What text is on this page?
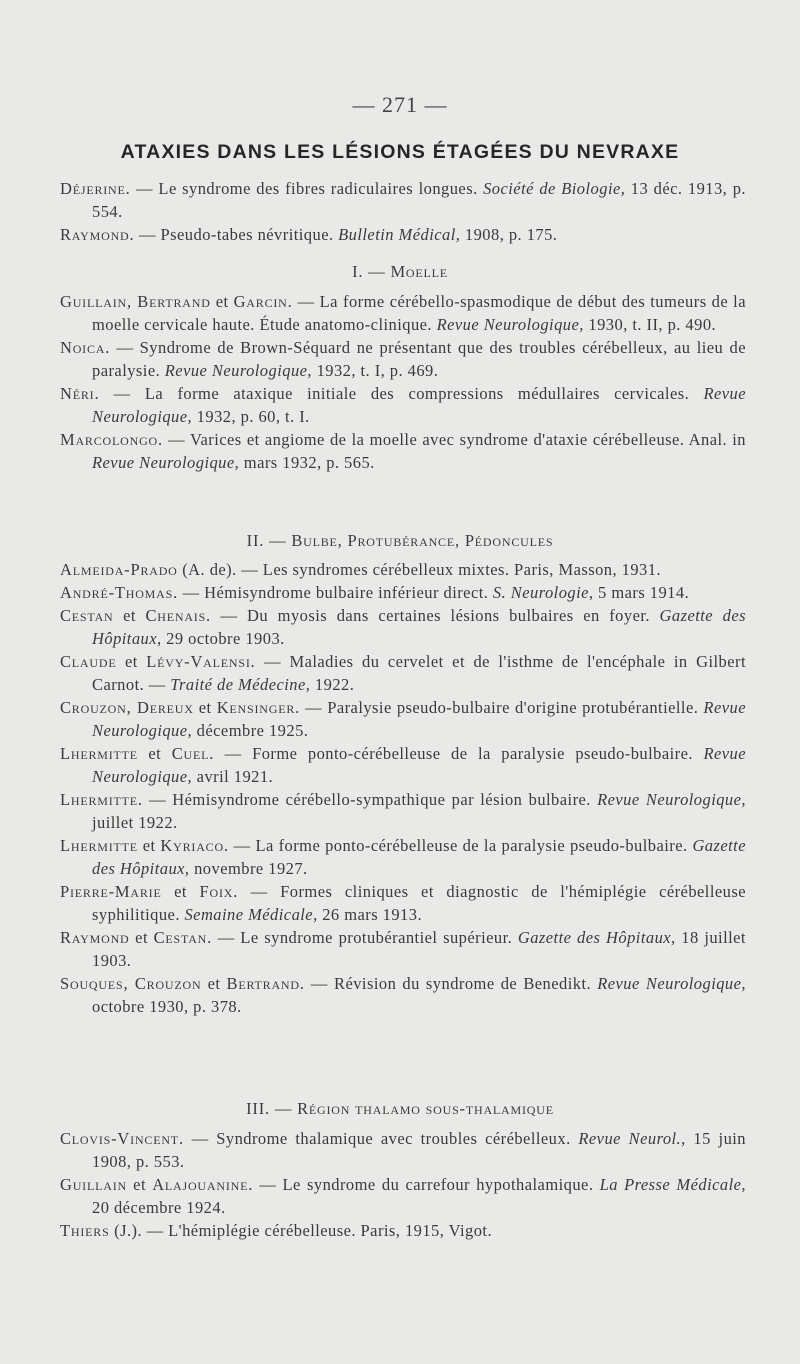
— 271 —
ATAXIES DANS LES LÉSIONS ÉTAGÉES DU NEVRAXE
Déjerine. — Le syndrome des fibres radiculaires longues. Société de Biologie, 13 déc. 1913, p. 554.
Raymond. — Pseudo-tabes névritique. Bulletin Médical, 1908, p. 175.
I. — Moelle
Guillain, Bertrand et Garcin. — La forme cérébello-spasmodique de début des tumeurs de la moelle cervicale haute. Étude anatomo-clinique. Revue Neurologique, 1930, t. II, p. 490.
Noica. — Syndrome de Brown-Séquard ne présentant que des troubles cérébelleux, au lieu de paralysie. Revue Neurologique, 1932, t. I, p. 469.
Néri. — La forme ataxique initiale des compressions médullaires cervicales. Revue Neurologique, 1932, p. 60, t. I.
Marcolongo. — Varices et angiome de la moelle avec syndrome d'ataxie cérébelleuse. Anal. in Revue Neurologique, mars 1932, p. 565.
II. — Bulbe, Protubérance, Pédoncules
Almeida-Prado (A. de). — Les syndromes cérébelleux mixtes. Paris, Masson, 1931.
André-Thomas. — Hémisyndrome bulbaire inférieur direct. S. Neurologie, 5 mars 1914.
Cestan et Chenais. — Du myosis dans certaines lésions bulbaires en foyer. Gazette des Hôpitaux, 29 octobre 1903.
Claude et Lévy-Valensi. — Maladies du cervelet et de l'isthme de l'encéphale in Gilbert Carnot. — Traité de Médecine, 1922.
Crouzon, Dereux et Kensinger. — Paralysie pseudo-bulbaire d'origine protubérantielle. Revue Neurologique, décembre 1925.
Lhermitte et Cuel. — Forme ponto-cérébelleuse de la paralysie pseudo-bulbaire. Revue Neurologique, avril 1921.
Lhermitte. — Hémisyndrome cérébello-sympathique par lésion bulbaire. Revue Neurologique, juillet 1922.
Lhermitte et Kyriaco. — La forme ponto-cérébelleuse de la paralysie pseudo-bulbaire. Gazette des Hôpitaux, novembre 1927.
Pierre-Marie et Foix. — Formes cliniques et diagnostic de l'hémiplégie cérébelleuse syphilitique. Semaine Médicale, 26 mars 1913.
Raymond et Cestan. — Le syndrome protubérantiel supérieur. Gazette des Hôpitaux, 18 juillet 1903.
Souques, Crouzon et Bertrand. — Révision du syndrome de Benedikt. Revue Neurologique, octobre 1930, p. 378.
III. — Région thalamo sous-thalamique
Clovis-Vincent. — Syndrome thalamique avec troubles cérébelleux. Revue Neurol., 15 juin 1908, p. 553.
Guillain et Alajouanine. — Le syndrome du carrefour hypothalamique. La Presse Médicale, 20 décembre 1924.
Thiers (J.). — L'hémiplégie cérébelleuse. Paris, 1915, Vigot.
